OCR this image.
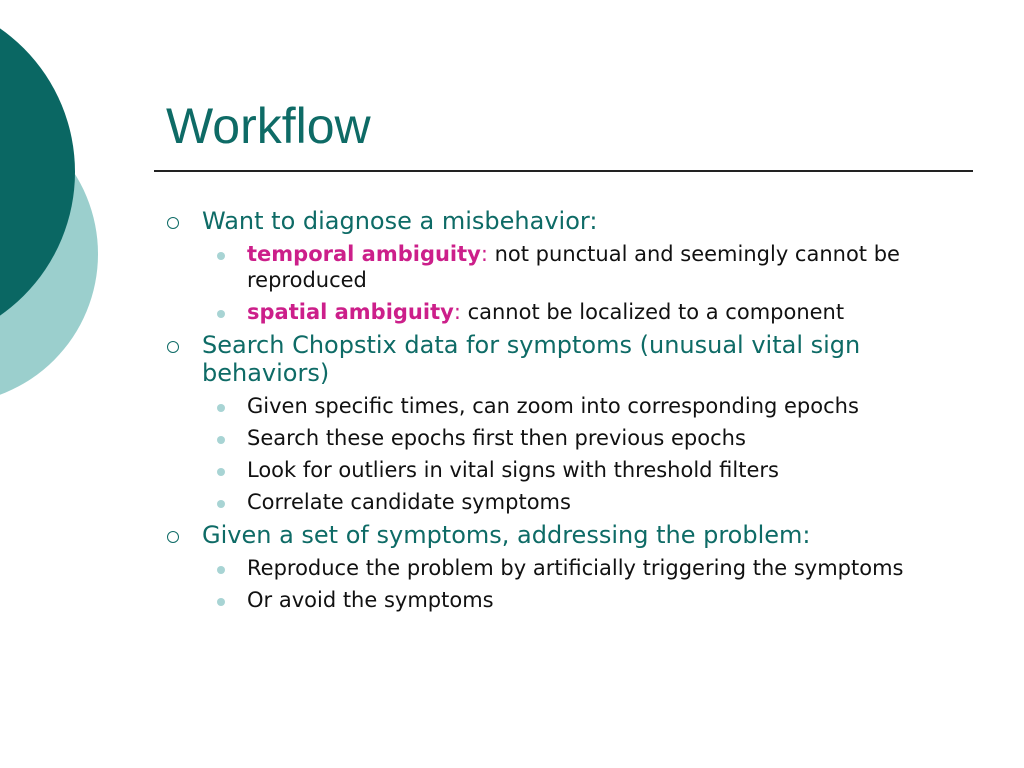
Workflow
Want to diagnose a misbehavior:
temporal ambiguity: not punctual and seemingly cannot be reproduced
spatial ambiguity: cannot be localized to a component
Search Chopstix data for symptoms (unusual vital sign behaviors)
Given specific times, can zoom into corresponding epochs
Search these epochs first then previous epochs
Look for outliers in vital signs with threshold filters
Correlate candidate symptoms
Given a set of symptoms, addressing the problem:
Reproduce the problem by artificially triggering the symptoms
Or avoid the symptoms
